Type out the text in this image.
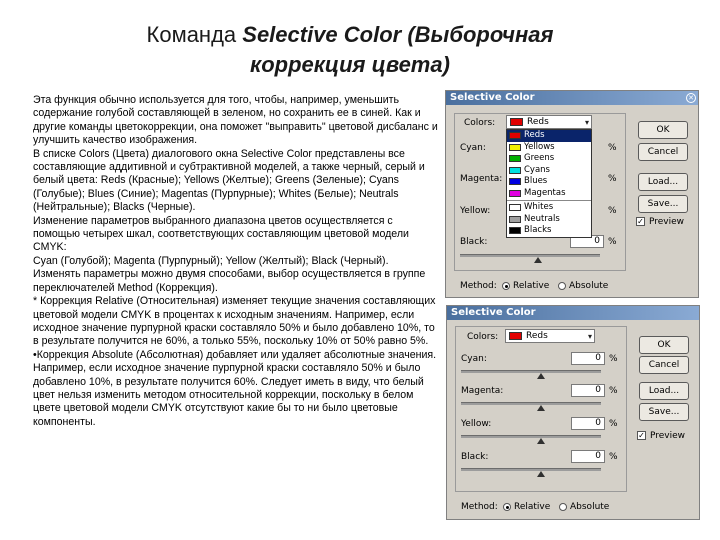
Команда Selective Color (Выборочная
коррекция цвета)

Эта функция обычно используется для того, чтобы, например, уменьшить содержание голубой составляющей в зеленом, но сохранить ее в синей. Как и другие команды цветокоррекции, она поможет "выправить" цветовой дисбаланс и улучшить качество изображения.

В списке Colors (Цвета) диалогового окна Selective Color представлены все составляющие аддитивной и субтрактивной моделей, а также черный, серый и белый цвета: Reds (Красные); Yellows (Желтые); Greens (Зеленые); Cyans (Голубые); Blues (Синие); Magentas (Пурпурные); Whites (Белые); Neutrals (Нейтральные); Blacks (Черные).

Изменение параметров выбранного диапазона цветов осуществляется с помощью четырех шкал, соответствующих составляющим цветовой модели CMYK:

Cyan (Голубой); Magenta (Пурпурный); Yellow (Желтый); Black (Черный).

Изменять параметры можно двумя способами, выбор осуществляется в группе переключателей Method (Коррекция).

* Коррекция Relative (Относительная) изменяет текущие значения составляющих цветовой модели CMYK в процентах к исходным значениям. Например, если исходное значение пурпурной краски составляло 50% и было добавлено 10%, то в результате получится не 60%, а только 55%, поскольку 10% от 50% равно 5%.

•Коррекция Absolute (Абсолютная) добавляет или удаляет абсолютные значения. Например, если исходное значение пурпурной краски составляло 50% и было добавлено 10%, в результате получится 60%. Следует иметь в виду, что белый цвет нельзя изменить методом относительной коррекции, поскольку в белом цвете цветовой модели CMYK отсутствуют какие бы то ни было цветовые компоненты.

Selective Color	✕
Colors:	Reds	▾
Cyan:	%
Magenta:	%
Yellow:	%
Black:	0 %
Reds
Yellows
Greens
Cyans
Blues
Magentas
Whites
Neutrals
Blacks
OK
Cancel
Load...
Save...
✓ Preview
Method: Relative Absolute
Selective Color
Colors:	Reds	▾
Cyan:	0 %
Magenta:	0 %
Yellow:	0 %
Black:	0 %
OK
Cancel
Load...
Save...
✓ Preview
Method: Relative Absolute
